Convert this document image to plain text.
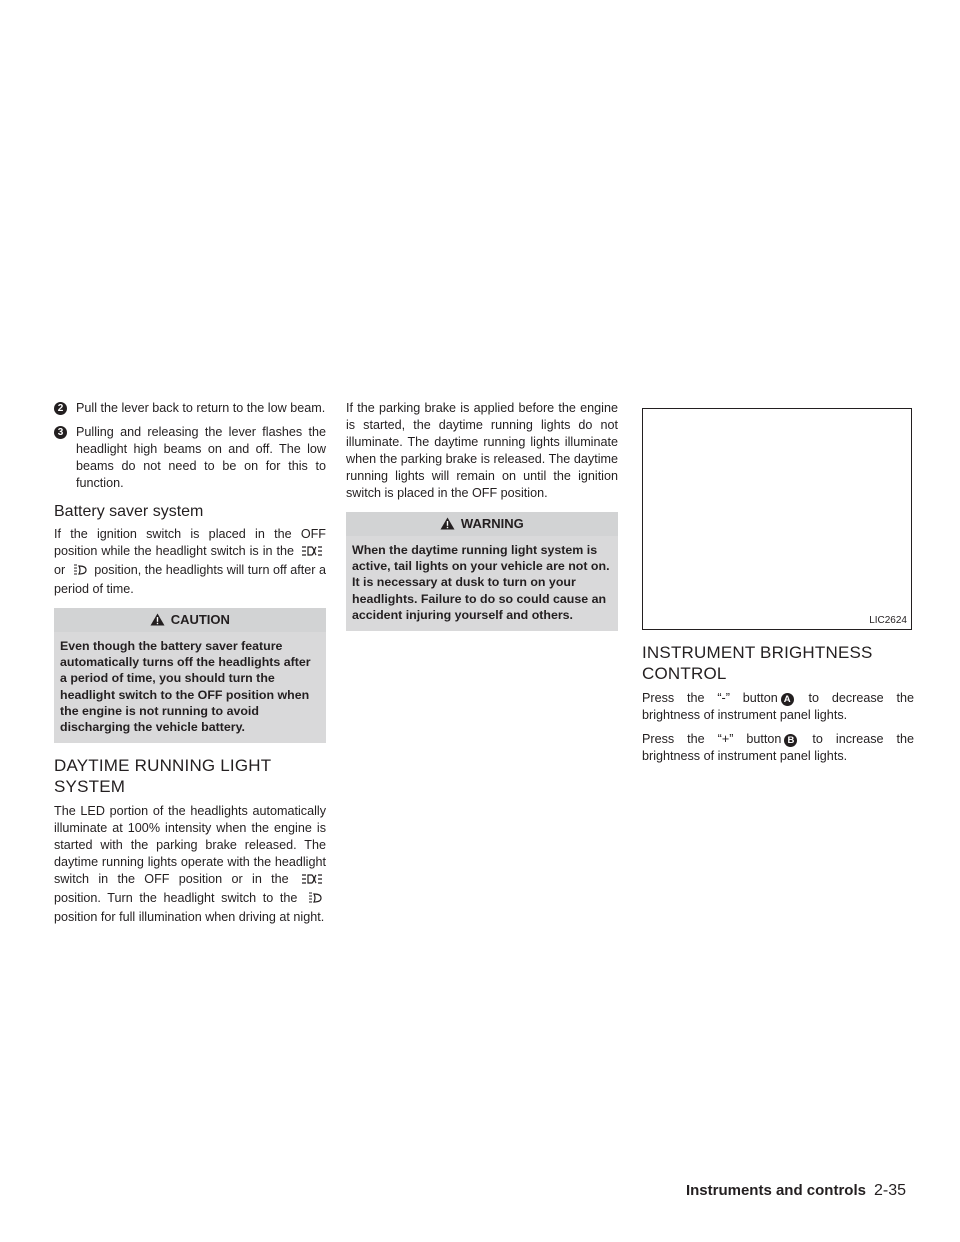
2	Pull the lever back to return to the low beam.
3	Pulling and releasing the lever flashes the headlight high beams on and off. The low beams do not need to be on for this to function.
Battery saver system

If the ignition switch is placed in the OFF position while the headlight switch is in the  or position, the headlights will turn off after a period of time.

CAUTION
Even though the battery saver feature automatically turns off the headlights after a period of time, you should turn the headlight switch to the OFF position when the engine is not running to avoid discharging the vehicle battery.
DAYTIME RUNNING LIGHT SYSTEM

The LED portion of the headlights automatically illuminate at 100% intensity when the engine is started with the parking brake released. The daytime running lights operate with the headlight switch in the OFF position or in the  position. Turn the headlight switch to the  position for full illumination when driving at night.

If the parking brake is applied before the engine is started, the daytime running lights do not illuminate. The daytime running lights illuminate when the parking brake is released. The daytime running lights will remain on until the ignition switch is placed in the OFF position.

WARNING
When the daytime running light system is active, tail lights on your vehicle are not on. It is necessary at dusk to turn on your headlights. Failure to do so could cause an accident injuring yourself and others.	LIC2624
INSTRUMENT BRIGHTNESS
CONTROL

Press the “-” button A to decrease the brightness of instrument panel lights.

Press the “+” button B to increase the brightness of instrument panel lights.

Instruments and controls 2-35
